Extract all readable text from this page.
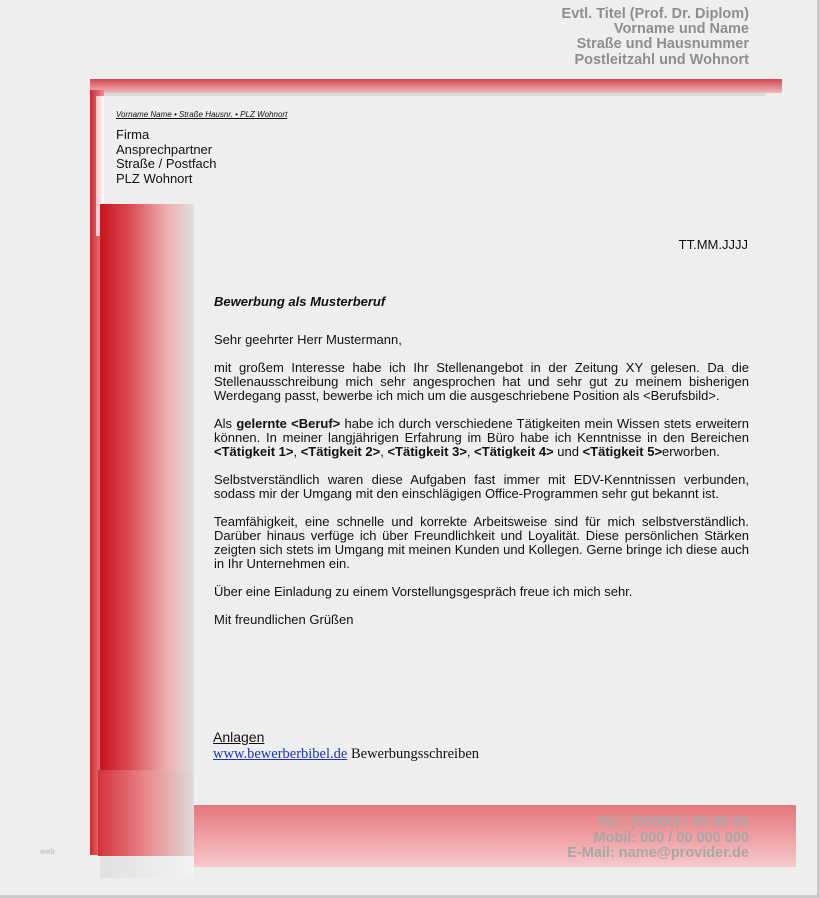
Evtl. Titel (Prof. Dr. Diplom)
Vorname und Name
Straße und Hausnummer
Postleitzahl und Wohnort
Tel.: (00000) / 00 00 00
Mobil: 000 / 00 000 000
E-Mail: name@provider.de
web
Vorname Name • Straße Hausnr. • PLZ Wohnort
Firma
Ansprechpartner
Straße / Postfach
PLZ Wohnort
TT.MM.JJJJ
Bewerbung als Musterberuf

Sehr geehrter Herr Mustermann,

mit großem Interesse habe ich Ihr Stellenangebot in der Zeitung XY gelesen. Da die Stellenausschreibung mich sehr angesprochen hat und sehr gut zu meinem bisherigen Werdegang passt, bewerbe ich mich um die ausgeschriebene Position als <Berufsbild>.

Als gelernte <Beruf> habe ich durch verschiedene Tätigkeiten mein Wissen stets erweitern können. In meiner langjährigen Erfahrung im Büro habe ich Kenntnisse in den Bereichen <Tätigkeit 1>, <Tätigkeit 2>, <Tätigkeit 3>, <Tätigkeit 4> und <Tätigkeit 5>erworben.

Selbstverständlich waren diese Aufgaben fast immer mit EDV-Kenntnissen verbunden, sodass mir der Umgang mit den einschlägigen Office-Programmen sehr gut bekannt ist.

Teamfähigkeit, eine schnelle und korrekte Arbeitsweise sind für mich selbstverständlich. Darüber hinaus verfüge ich über Freundlichkeit und Loyalität. Diese persönlichen Stärken zeigten sich stets im Umgang mit meinen Kunden und Kollegen. Gerne bringe ich diese auch in Ihr Unternehmen ein.

Über eine Einladung zu einem Vorstellungsgespräch freue ich mich sehr.

Mit freundlichen Grüßen

Anlagen
www.bewerberbibel.de Bewerbungsschreiben
